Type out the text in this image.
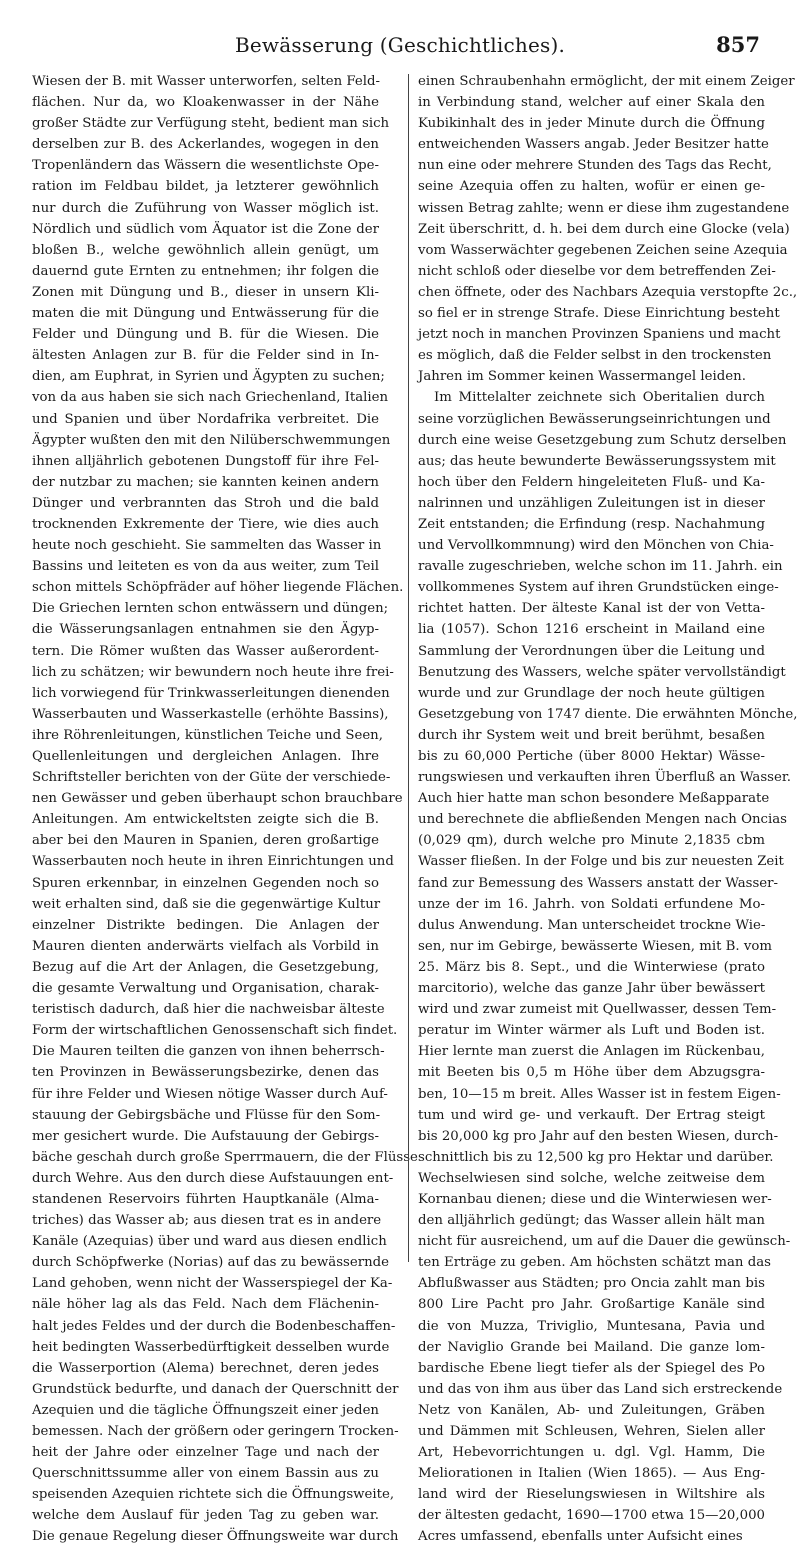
Bewässerung (Geschichtliches).	857
Wiesen der B. mit Wasser unterworfen, selten Feld-
flächen. Nur da, wo Kloakenwasser in der Nähe
großer Städte zur Verfügung steht, bedient man sich
derselben zur B. des Ackerlandes, wogegen in den
Tropenländern das Wässern die wesentlichste Ope-
ration im Feldbau bildet, ja letzterer gewöhnlich
nur durch die Zuführung von Wasser möglich ist.
Nördlich und südlich vom Äquator ist die Zone der
bloßen B., welche gewöhnlich allein genügt, um
dauernd gute Ernten zu entnehmen; ihr folgen die
Zonen mit Düngung und B., dieser in unsern Kli-
maten die mit Düngung und Entwässerung für die
Felder und Düngung und B. für die Wiesen. Die
ältesten Anlagen zur B. für die Felder sind in In-
dien, am Euphrat, in Syrien und Ägypten zu suchen;
von da aus haben sie sich nach Griechenland, Italien
und Spanien und über Nordafrika verbreitet. Die
Ägypter wußten den mit den Nilüberschwemmungen
ihnen alljährlich gebotenen Dungstoff für ihre Fel-
der nutzbar zu machen; sie kannten keinen andern
Dünger und verbrannten das Stroh und die bald
trocknenden Exkremente der Tiere, wie dies auch
heute noch geschieht. Sie sammelten das Wasser in
Bassins und leiteten es von da aus weiter, zum Teil
schon mittels Schöpfräder auf höher liegende Flächen.
Die Griechen lernten schon entwässern und düngen;
die Wässerungsanlagen entnahmen sie den Ägyp-
tern. Die Römer wußten das Wasser außerordent-
lich zu schätzen; wir bewundern noch heute ihre frei-
lich vorwiegend für Trinkwasserleitungen dienenden
Wasserbauten und Wasserkastelle (erhöhte Bassins),
ihre Röhrenleitungen, künstlichen Teiche und Seen,
Quellenleitungen und dergleichen Anlagen. Ihre
Schriftsteller berichten von der Güte der verschiede-
nen Gewässer und geben überhaupt schon brauchbare
Anleitungen. Am entwickeltsten zeigte sich die B.
aber bei den Mauren in Spanien, deren großartige
Wasserbauten noch heute in ihren Einrichtungen und
Spuren erkennbar, in einzelnen Gegenden noch so
weit erhalten sind, daß sie die gegenwärtige Kultur
einzelner Distrikte bedingen. Die Anlagen der
Mauren dienten anderwärts vielfach als Vorbild in
Bezug auf die Art der Anlagen, die Gesetzgebung,
die gesamte Verwaltung und Organisation, charak-
teristisch dadurch, daß hier die nachweisbar älteste
Form der wirtschaftlichen Genossenschaft sich findet.
Die Mauren teilten die ganzen von ihnen beherrsch-
ten Provinzen in Bewässerungsbezirke, denen das
für ihre Felder und Wiesen nötige Wasser durch Auf-
stauung der Gebirgsbäche und Flüsse für den Som-
mer gesichert wurde. Die Aufstauung der Gebirgs-
bäche geschah durch große Sperrmauern, die der Flüsse
durch Wehre. Aus den durch diese Aufstauungen ent-
standenen Reservoirs führten Hauptkanäle (Alma-
triches) das Wasser ab; aus diesen trat es in andere
Kanäle (Azequias) über und ward aus diesen endlich
durch Schöpfwerke (Norias) auf das zu bewässernde
Land gehoben, wenn nicht der Wasserspiegel der Ka-
näle höher lag als das Feld. Nach dem Flächenin-
halt jedes Feldes und der durch die Bodenbeschaffen-
heit bedingten Wasserbedürftigkeit desselben wurde
die Wasserportion (Alema) berechnet, deren jedes
Grundstück bedurfte, und danach der Querschnitt der
Azequien und die tägliche Öffnungszeit einer jeden
bemessen. Nach der größern oder geringern Trocken-
heit der Jahre oder einzelner Tage und nach der
Querschnittssumme aller von einem Bassin aus zu
speisenden Azequien richtete sich die Öffnungsweite,
welche dem Auslauf für jeden Tag zu geben war.
Die genaue Regelung dieser Öffnungsweite war durch
einen Schraubenhahn ermöglicht, der mit einem Zeiger
in Verbindung stand, welcher auf einer Skala den
Kubikinhalt des in jeder Minute durch die Öffnung
entweichenden Wassers angab. Jeder Besitzer hatte
nun eine oder mehrere Stunden des Tags das Recht,
seine Azequia offen zu halten, wofür er einen ge-
wissen Betrag zahlte; wenn er diese ihm zugestandene
Zeit überschritt, d. h. bei dem durch eine Glocke (vela)
vom Wasserwächter gegebenen Zeichen seine Azequia
nicht schloß oder dieselbe vor dem betreffenden Zei-
chen öffnete, oder des Nachbars Azequia verstopfte 2c.,
so fiel er in strenge Strafe. Diese Einrichtung besteht
jetzt noch in manchen Provinzen Spaniens und macht
es möglich, daß die Felder selbst in den trockensten
Jahren im Sommer keinen Wassermangel leiden.
Im Mittelalter zeichnete sich Oberitalien durch
seine vorzüglichen Bewässerungseinrichtungen und
durch eine weise Gesetzgebung zum Schutz derselben
aus; das heute bewunderte Bewässerungssystem mit
hoch über den Feldern hingeleiteten Fluß- und Ka-
nalrinnen und unzähligen Zuleitungen ist in dieser
Zeit entstanden; die Erfindung (resp. Nachahmung
und Vervollkommnung) wird den Mönchen von Chia-
ravalle zugeschrieben, welche schon im 11. Jahrh. ein
vollkommenes System auf ihren Grundstücken einge-
richtet hatten. Der älteste Kanal ist der von Vetta-
lia (1057). Schon 1216 erscheint in Mailand eine
Sammlung der Verordnungen über die Leitung und
Benutzung des Wassers, welche später vervollständigt
wurde und zur Grundlage der noch heute gültigen
Gesetzgebung von 1747 diente. Die erwähnten Mönche,
durch ihr System weit und breit berühmt, besaßen
bis zu 60,000 Pertiche (über 8000 Hektar) Wässe-
rungswiesen und verkauften ihren Überfluß an Wasser.
Auch hier hatte man schon besondere Meßapparate
und berechnete die abfließenden Mengen nach Oncias
(0,029 qm), durch welche pro Minute 2,1835 cbm
Wasser fließen. In der Folge und bis zur neuesten Zeit
fand zur Bemessung des Wassers anstatt der Wasser-
unze der im 16. Jahrh. von Soldati erfundene Mo-
dulus Anwendung. Man unterscheidet trockne Wie-
sen, nur im Gebirge, bewässerte Wiesen, mit B. vom
25. März bis 8. Sept., und die Winterwiese (prato
marcitorio), welche das ganze Jahr über bewässert
wird und zwar zumeist mit Quellwasser, dessen Tem-
peratur im Winter wärmer als Luft und Boden ist.
Hier lernte man zuerst die Anlagen im Rückenbau,
mit Beeten bis 0,5 m Höhe über dem Abzugsgra-
ben, 10—15 m breit. Alles Wasser ist in festem Eigen-
tum und wird ge- und verkauft. Der Ertrag steigt
bis 20,000 kg pro Jahr auf den besten Wiesen, durch-
schnittlich bis zu 12,500 kg pro Hektar und darüber.
Wechselwiesen sind solche, welche zeitweise dem
Kornanbau dienen; diese und die Winterwiesen wer-
den alljährlich gedüngt; das Wasser allein hält man
nicht für ausreichend, um auf die Dauer die gewünsch-
ten Erträge zu geben. Am höchsten schätzt man das
Abflußwasser aus Städten; pro Oncia zahlt man bis
800 Lire Pacht pro Jahr. Großartige Kanäle sind
die von Muzza, Triviglio, Muntesana, Pavia und
der Naviglio Grande bei Mailand. Die ganze lom-
bardische Ebene liegt tiefer als der Spiegel des Po
und das von ihm aus über das Land sich erstreckende
Netz von Kanälen, Ab- und Zuleitungen, Gräben
und Dämmen mit Schleusen, Wehren, Sielen aller
Art, Hebevorrichtungen u. dgl. Vgl. Hamm, Die
Meliorationen in Italien (Wien 1865). — Aus Eng-
land wird der Rieselungswiesen in Wiltshire als
der ältesten gedacht, 1690—1700 etwa 15—20,000
Acres umfassend, ebenfalls unter Aufsicht eines
